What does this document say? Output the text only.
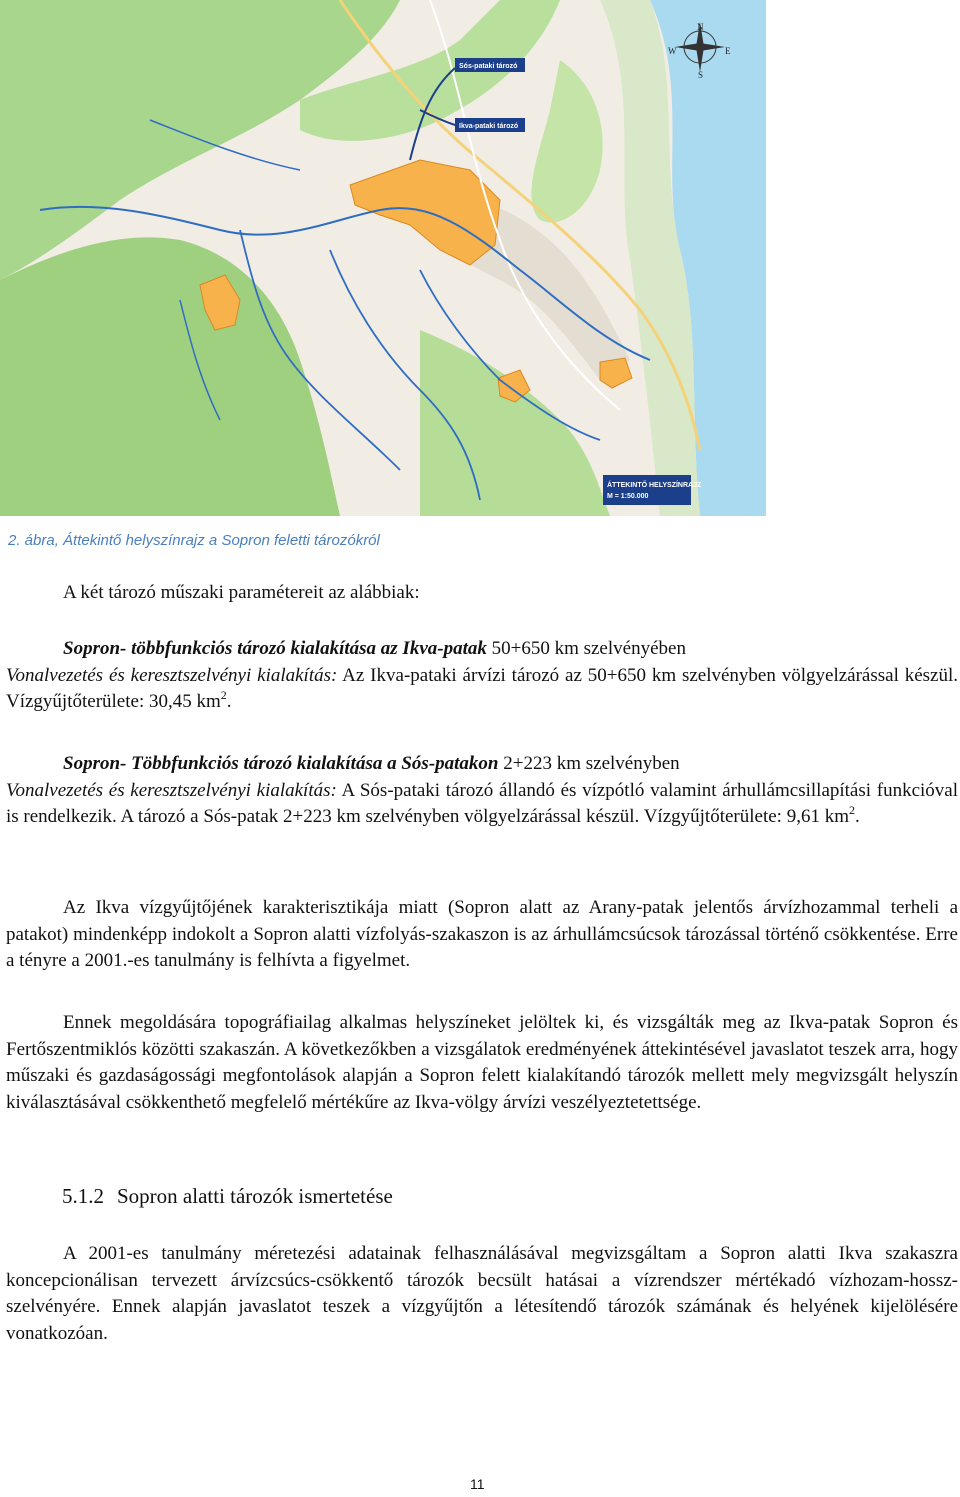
Sós-pataki tározó
Ikva-pataki tározó
N
S
W	E
ÁTTEKINTŐ HELYSZÍNRAJZ
M = 1:50.000
2. ábra, Áttekintő helyszínrajz a Sopron feletti tározókról

A két tározó műszaki paramétereit az alábbiak:

Sopron- többfunkciós tározó kialakítása az Ikva-patak 50+650 km szelvényében
Vonalvezetés és keresztszelvényi kialakítás: Az Ikva-pataki árvízi tározó az 50+650 km szelvényben völgyelzárással készül. Vízgyűjtőterülete: 30,45 $km^2$.

Sopron- Többfunkciós tározó kialakítása a Sós-patakon 2+223 km szelvényben
Vonalvezetés és keresztszelvényi kialakítás: A Sós-pataki tározó állandó és vízpótló valamint árhullámcsillapítási funkcióval is rendelkezik. A tározó a Sós-patak 2+223 km szelvényben völgyelzárással készül. Vízgyűjtőterülete: 9,61 $km^2$.

Az Ikva vízgyűjtőjének karakterisztikája miatt (Sopron alatt az Arany-patak jelentős árvízhozammal terheli a patakot) mindenképp indokolt a Sopron alatti vízfolyás-szakaszon is az árhullámcsúcsok tározással történő csökkentése. Erre a tényre a 2001.-es tanulmány is felhívta a figyelmet.

Ennek megoldására topográfiailag alkalmas helyszíneket jelöltek ki, és vizsgálták meg az Ikva-patak Sopron és Fertőszentmiklós közötti szakaszán. A következőkben a vizsgálatok eredményének áttekintésével javaslatot teszek arra, hogy műszaki és gazdaságossági megfontolások alapján a Sopron felett kialakítandó tározók mellett mely megvizsgált helyszín kiválasztásával csökkenthető megfelelő mértékűre az Ikva-völgy árvízi veszélyeztetettsége.

5.1.2 Sopron alatti tározók ismertetése

A 2001-es tanulmány méretezési adatainak felhasználásával megvizsgáltam a Sopron alatti Ikva szakaszra koncepcionálisan tervezett árvízcsúcs-csökkentő tározók becsült hatásai a vízrendszer mértékadó vízhozam-hossz-szelvényére. Ennek alapján javaslatot teszek a vízgyűjtőn a létesítendő tározók számának és helyének kijelölésére vonatkozóan.

11
